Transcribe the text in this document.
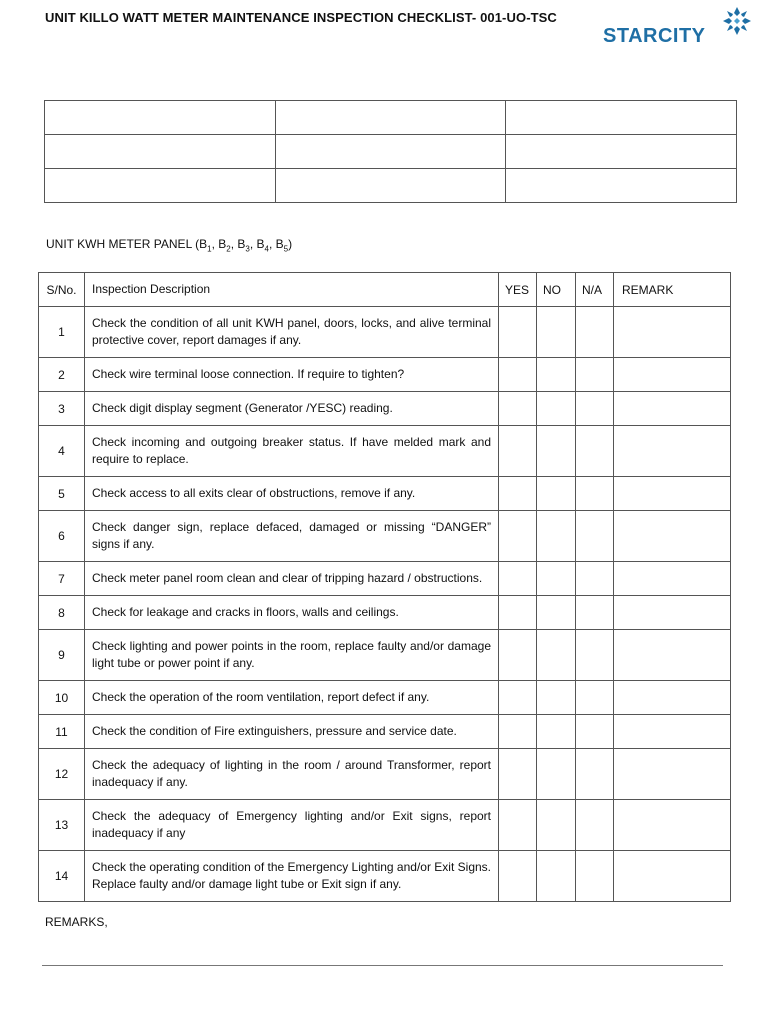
UNIT KILLO WATT METER MAINTENANCE INSPECTION CHECKLIST- 001-UO-TSC
STARCITY

UNIT KWH METER PANEL ($B_1$, $B_2$, $B_3$, $B_4$, $B_5$)
S/No.	Inspection Description	YES	NO	N/A	REMARK
1	Check the condition of all unit KWH panel, doors, locks, and alive terminal protective cover, report damages if any.				
2	Check wire terminal loose connection. If require to tighten?				
3	Check digit display segment (Generator /YESC) reading.				
4	Check incoming and outgoing breaker status. If have melded mark and require to replace.				
5	Check access to all exits clear of obstructions, remove if any.				
6	Check danger sign, replace defaced, damaged or missing “DANGER” signs if any.				
7	Check meter panel room clean and clear of tripping hazard / obstructions.				
8	Check for leakage and cracks in floors, walls and ceilings.				
9	Check lighting and power points in the room, replace faulty and/or damage light tube or power point if any.				
10	Check the operation of the room ventilation, report defect if any.				
11	Check the condition of Fire extinguishers, pressure and service date.				
12	Check the adequacy of lighting in the room / around Transformer, report inadequacy if any.				
13	Check the adequacy of Emergency lighting and/or Exit signs, report inadequacy if any				
14	Check the operating condition of the Emergency Lighting and/or Exit Signs. Replace faulty and/or damage light tube or Exit sign if any.				
REMARKS,
